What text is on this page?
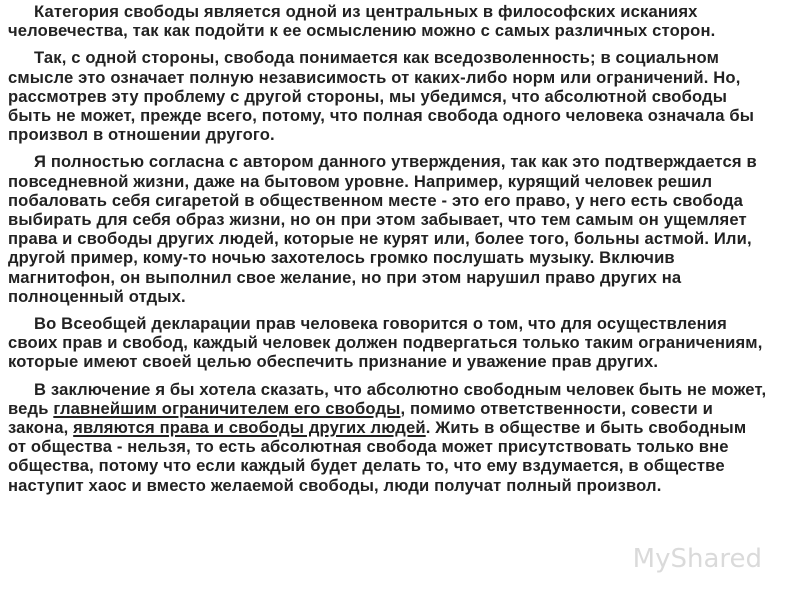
Категория свободы является одной из центральных в философских исканиях человечества, так как подойти к ее осмыслению можно с самых различных сторон.

Так, с одной стороны, свобода понимается как вседозволенность; в социальном смысле это означает полную независимость от каких-либо норм или ограничений. Но, рассмотрев эту проблему с другой стороны, мы убедимся, что абсолютной свободы быть не может, прежде всего, потому, что полная свобода одного человека означала бы произвол в отношении другого.

Я полностью согласна с автором данного утверждения, так как это подтверждается в повседневной жизни, даже на бытовом уровне. Например, курящий человек решил побаловать себя сигаретой в общественном месте - это его право, у него есть свобода выбирать для себя образ жизни, но он при этом забывает, что тем самым он ущемляет права и свободы других людей, которые не курят или, более того, больны астмой. Или, другой пример, кому-то ночью захотелось громко послушать музыку. Включив магнитофон, он выполнил свое желание, но при этом нарушил право других на полноценный отдых.

Во Всеобщей декларации прав человека говорится о том, что для осуществления своих прав и свобод, каждый человек должен подвергаться только таким ограничениям, которые имеют своей целью обеспечить признание и уважение прав других.

В заключение я бы хотела сказать, что абсолютно свободным человек быть не может, ведь главнейшим ограничителем его свободы, помимо ответственности, совести и закона, являются права и свободы других людей. Жить в обществе и быть свободным от общества - нельзя, то есть абсолютная свобода может присутствовать только вне общества, потому что если каждый будет делать то, что ему вздумается, в обществе наступит хаос и вместо желаемой свободы, люди получат полный произвол.

MyShared
